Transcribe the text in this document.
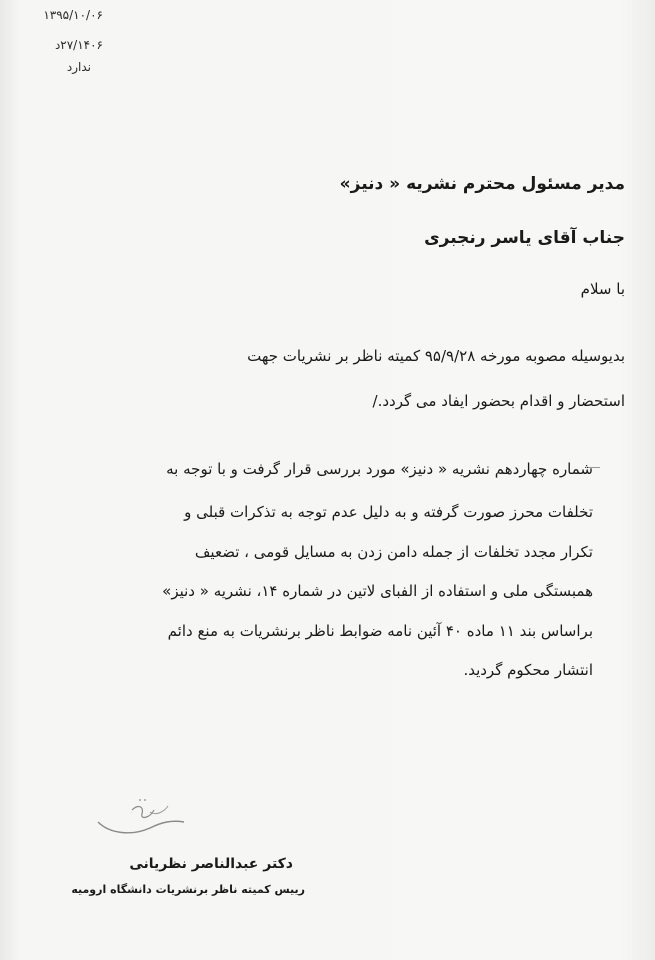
۱۳۹۵/۱۰/۰۶
۲۷/۱۴۰۶د
ندارد
مدیر مسئول محترم نشریه « دنیز»
جناب آقای یاسر رنجبری
با سلام
بدیوسیله مصوبه مورخه ۹۵/۹/۲۸ کمیته ناظر بر نشریات جهت
استحضار و اقدام بحضور ایفاد می گردد./
شماره چهاردهم نشریه « دنیز» مورد بررسی قرار گرفت و با توجه به
تخلفات محرز صورت گرفته و به دلیل عدم توجه به تذکرات قبلی و
تکرار مجدد تخلفات از جمله دامن زدن به مسایل قومی ، تضعیف
همبستگی ملی و استفاده از الفبای لاتین در شماره ۱۴، نشریه « دنیز»
براساس بند ۱۱ ماده ۴۰ آئین نامه ضوابط ناظر برنشریات به منع دائم
انتشار محکوم گردید.
دکتر عبدالناصر نظریانی
رییس کمیته ناظر برنشریات دانشگاه ارومیه
